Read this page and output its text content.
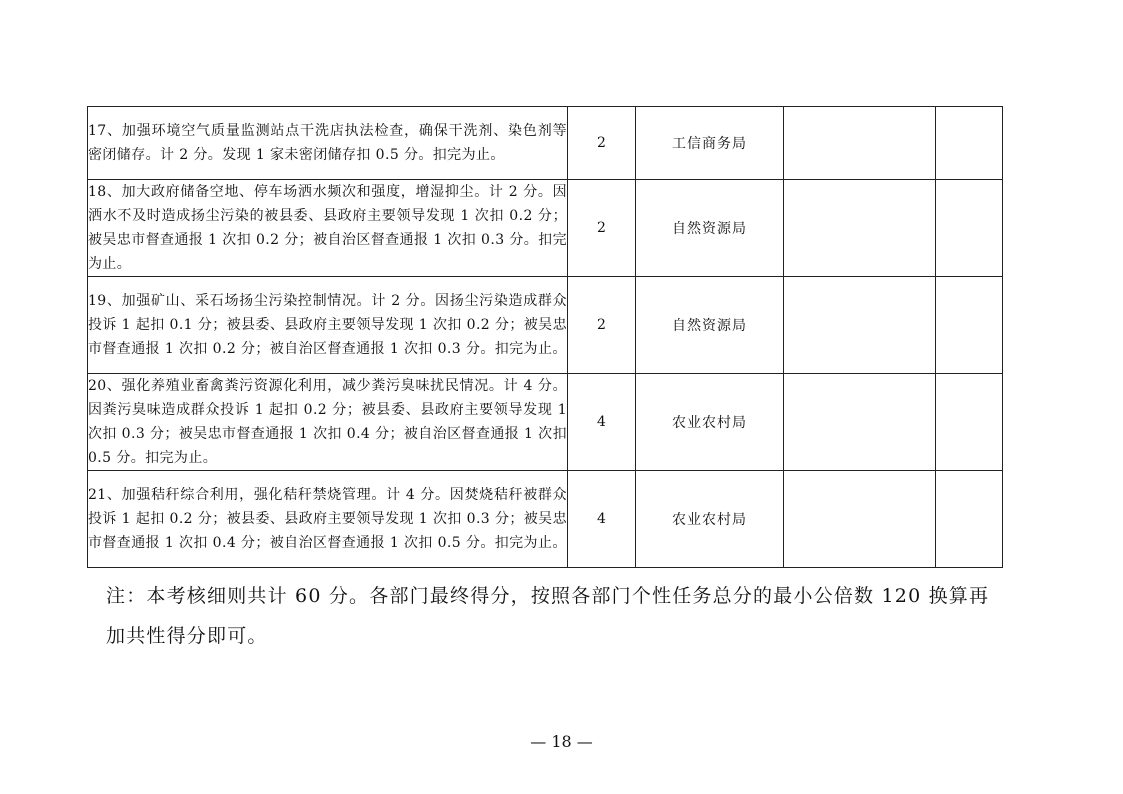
17、加强环境空气质量监测站点干洗店执法检查，确保干洗剂、染色剂等密闭储存。计 2 分。发现 1 家未密闭储存扣 0.5 分。扣完为止。	2	工信商务局		
18、加大政府储备空地、停车场洒水频次和强度，增湿抑尘。计 2 分。因洒水不及时造成扬尘污染的被县委、县政府主要领导发现 1 次扣 0.2 分；被吴忠市督查通报 1 次扣 0.2 分；被自治区督查通报 1 次扣 0.3 分。扣完为止。	2	自然资源局		
19、加强矿山、采石场扬尘污染控制情况。计 2 分。因扬尘污染造成群众投诉 1 起扣 0.1 分；被县委、县政府主要领导发现 1 次扣 0.2 分；被吴忠市督查通报 1 次扣 0.2 分；被自治区督查通报 1 次扣 0.3 分。扣完为止。	2	自然资源局		
20、强化养殖业畜禽粪污资源化利用，减少粪污臭味扰民情况。计 4 分。因粪污臭味造成群众投诉 1 起扣 0.2 分；被县委、县政府主要领导发现 1 次扣 0.3 分；被吴忠市督查通报 1 次扣 0.4 分；被自治区督查通报 1 次扣 0.5 分。扣完为止。	4	农业农村局		
21、加强秸秆综合利用，强化秸秆禁烧管理。计 4 分。因焚烧秸秆被群众投诉 1 起扣 0.2 分；被县委、县政府主要领导发现 1 次扣 0.3 分；被吴忠市督查通报 1 次扣 0.4 分；被自治区督查通报 1 次扣 0.5 分。扣完为止。	4	农业农村局		
注：本考核细则共计 60 分。各部门最终得分，按照各部门个性任务总分的最小公倍数 120 换算再加共性得分即可。
— 18 —
